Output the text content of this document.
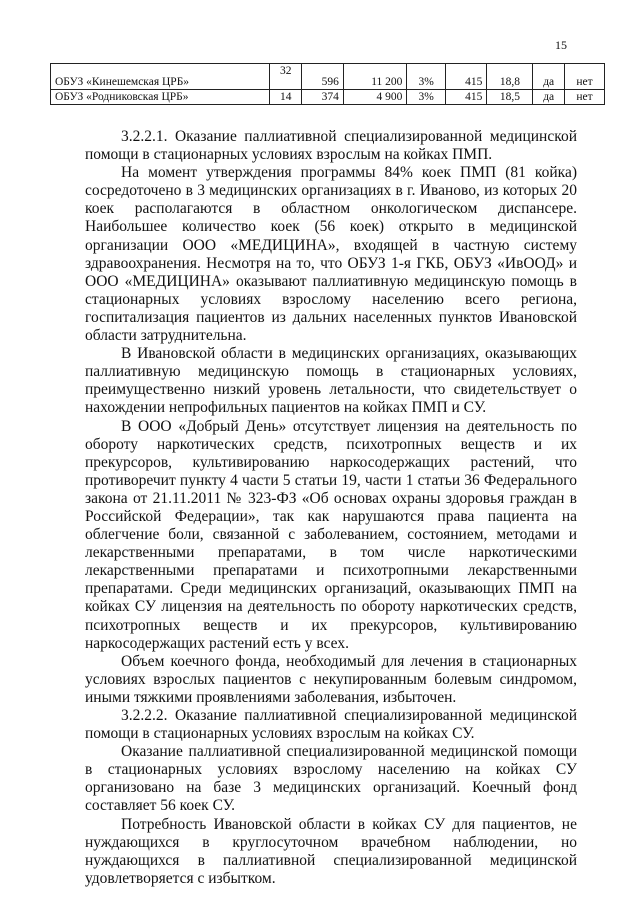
15
ОБУЗ «Кинешемская ЦРБ»	32	596	11 200	3%	415	18,8	да	нет
ОБУЗ «Родниковская ЦРБ»	14	374	4 900	3%	415	18,5	да	нет

3.2.2.1. Оказание паллиативной специализированной медицинской помощи в стационарных условиях взрослым на койках ПМП.

На момент утверждения программы 84% коек ПМП (81 койка) сосредоточено в 3 медицинских организациях в г. Иваново, из которых 20 коек располагаются в областном онкологическом диспансере. Наибольшее количество коек (56 коек) открыто в медицинской организации ООО «МЕДИЦИНА», входящей в частную систему здравоохранения. Несмотря на то, что ОБУЗ 1-я ГКБ, ОБУЗ «ИвООД» и ООО «МЕДИЦИНА» оказывают паллиативную медицинскую помощь в стационарных условиях взрослому населению всего региона, госпитализация пациентов из дальних населенных пунктов Ивановской области затруднительна.

В Ивановской области в медицинских организациях, оказывающих паллиативную медицинскую помощь в стационарных условиях, преимущественно низкий уровень летальности, что свидетельствует о нахождении непрофильных пациентов на койках ПМП и СУ.

В ООО «Добрый День» отсутствует лицензия на деятельность по обороту наркотических средств, психотропных веществ и их прекурсоров, культивированию наркосодержащих растений, что противоречит пункту 4 части 5 статьи 19, части 1 статьи 36 Федерального закона от 21.11.2011 № 323-ФЗ «Об основах охраны здоровья граждан в Российской Федерации», так как нарушаются права пациента на облегчение боли, связанной с заболеванием, состоянием, методами и лекарственными препаратами, в том числе наркотическими лекарственными препаратами и психотропными лекарственными препаратами. Среди медицинских организаций, оказывающих ПМП на койках СУ лицензия на деятельность по обороту наркотических средств, психотропных веществ и их прекурсоров, культивированию наркосодержащих растений есть у всех.

Объем коечного фонда, необходимый для лечения в стационарных условиях взрослых пациентов с некупированным болевым синдромом, иными тяжкими проявлениями заболевания, избыточен.

3.2.2.2. Оказание паллиативной специализированной медицинской помощи в стационарных условиях взрослым на койках СУ.

Оказание паллиативной специализированной медицинской помощи в стационарных условиях взрослому населению на койках СУ организовано на базе 3 медицинских организаций. Коечный фонд составляет 56 коек СУ.

Потребность Ивановской области в койках СУ для пациентов, не нуждающихся в круглосуточном врачебном наблюдении, но нуждающихся в паллиативной специализированной медицинской удовлетворяется с избытком.
